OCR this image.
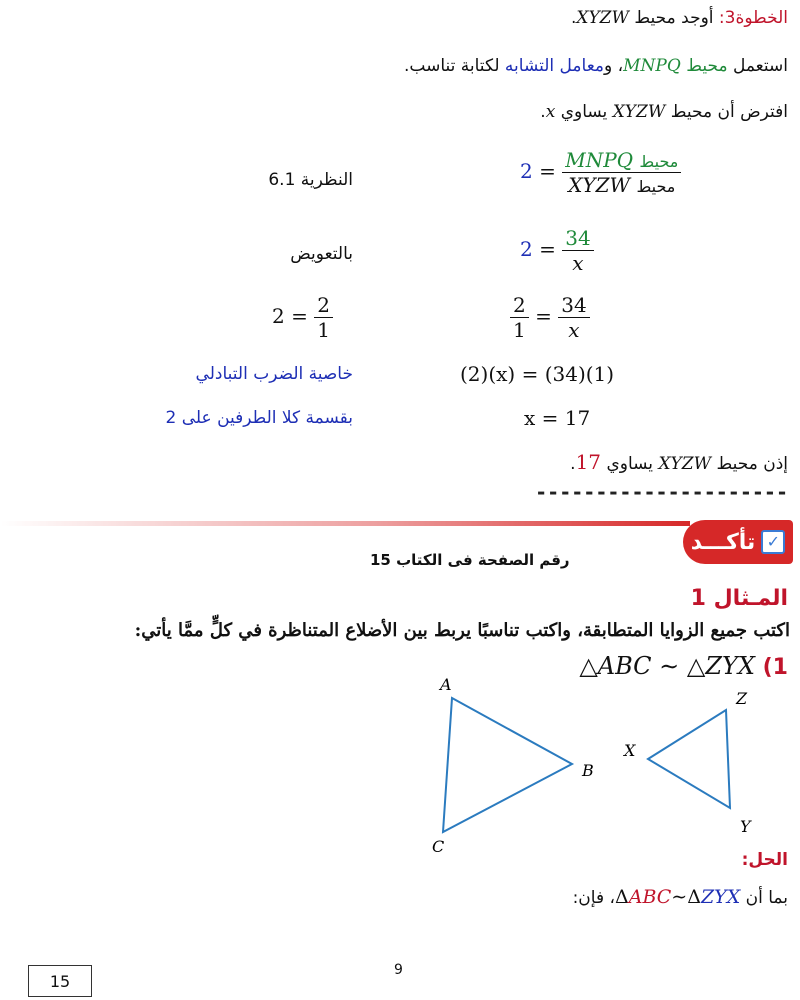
الخطوة3: أوجد محيط XYZW.
استعمل محيط MNPQ، ومعامل التشابه لكتابة تناسب.
افترض أن محيط XYZW يساوي x.
$2 = \frac{\text{MNPQ محيط}}{\text{XYZW محيط}}$
النظرية 6.1
$2 = \frac{34}{x}$
بالتعويض
$\frac{2}{1} = \frac{34}{x}$
$2 = \frac{2}{1}$
(2)(x) = (34)(1)
خاصية الضرب التبادلي
x = 17
بقسمة كلا الطرفين على 2
إذن محيط XYZW يساوي 17.
---------------------
✓
تأكـــد
رقم الصفحة فى الكتاب 15
المـثال 1
اكتب جميع الزوايا المتطابقة، واكتب تناسبًا يربط بين الأضلاع المتناظرة في كلٍّ ممَّا يأتي:
△ABC ∼ △ZYX (1
A
B
C
X
Y
Z
الحل:
بما أن ΔABC∼ΔZYX، فإن:
9
15
